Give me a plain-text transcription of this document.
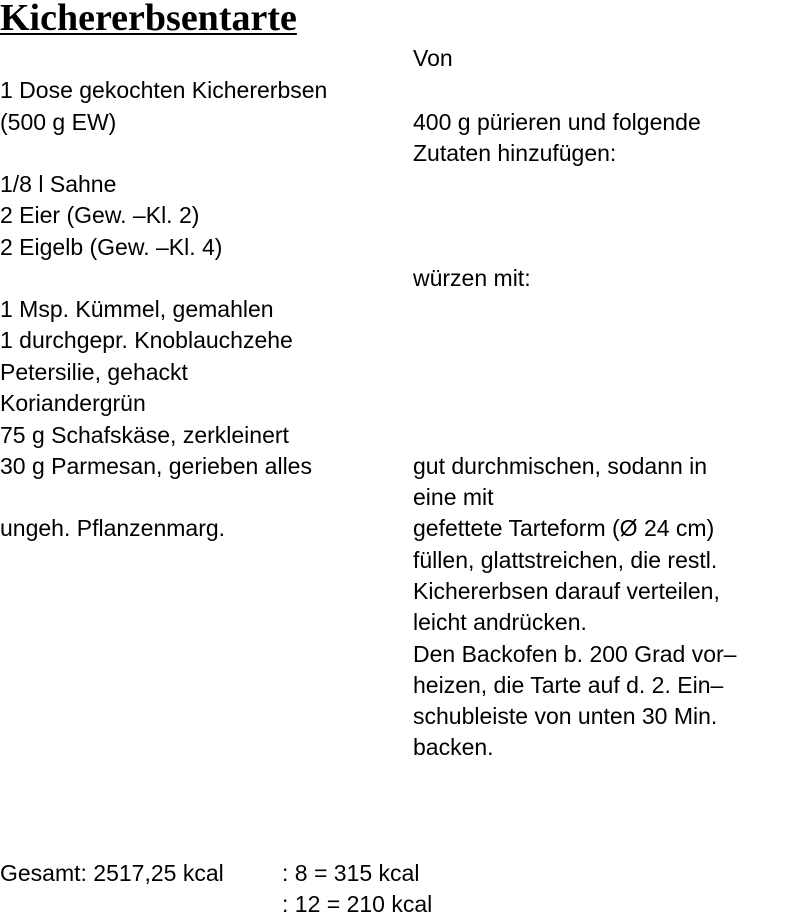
Kichererbsentarte
Von
1 Dose gekochten Kichererbsen
(500 g EW)	400 g pürieren und folgende
Zutaten hinzufügen:
1/8 l Sahne
2 Eier (Gew. –Kl. 2)
2 Eigelb (Gew. –Kl. 4)
würzen mit:
1 Msp. Kümmel, gemahlen
1 durchgepr. Knoblauchzehe
Petersilie, gehackt
Koriandergrün
75 g Schafskäse, zerkleinert
30 g Parmesan, gerieben alles	gut durchmischen, sodann in
eine mit
ungeh. Pflanzenmarg.	gefettete Tarteform (Ø 24 cm)
füllen, glattstreichen, die restl.
Kichererbsen darauf verteilen,
leicht andrücken.
Den Backofen b. 200 Grad vor–
heizen, die Tarte auf d. 2. Ein–
schubleiste von unten 30 Min.
backen.
Gesamt: 2517,25 kcal	: 8 = 315 kcal
: 12 = 210 kcal
